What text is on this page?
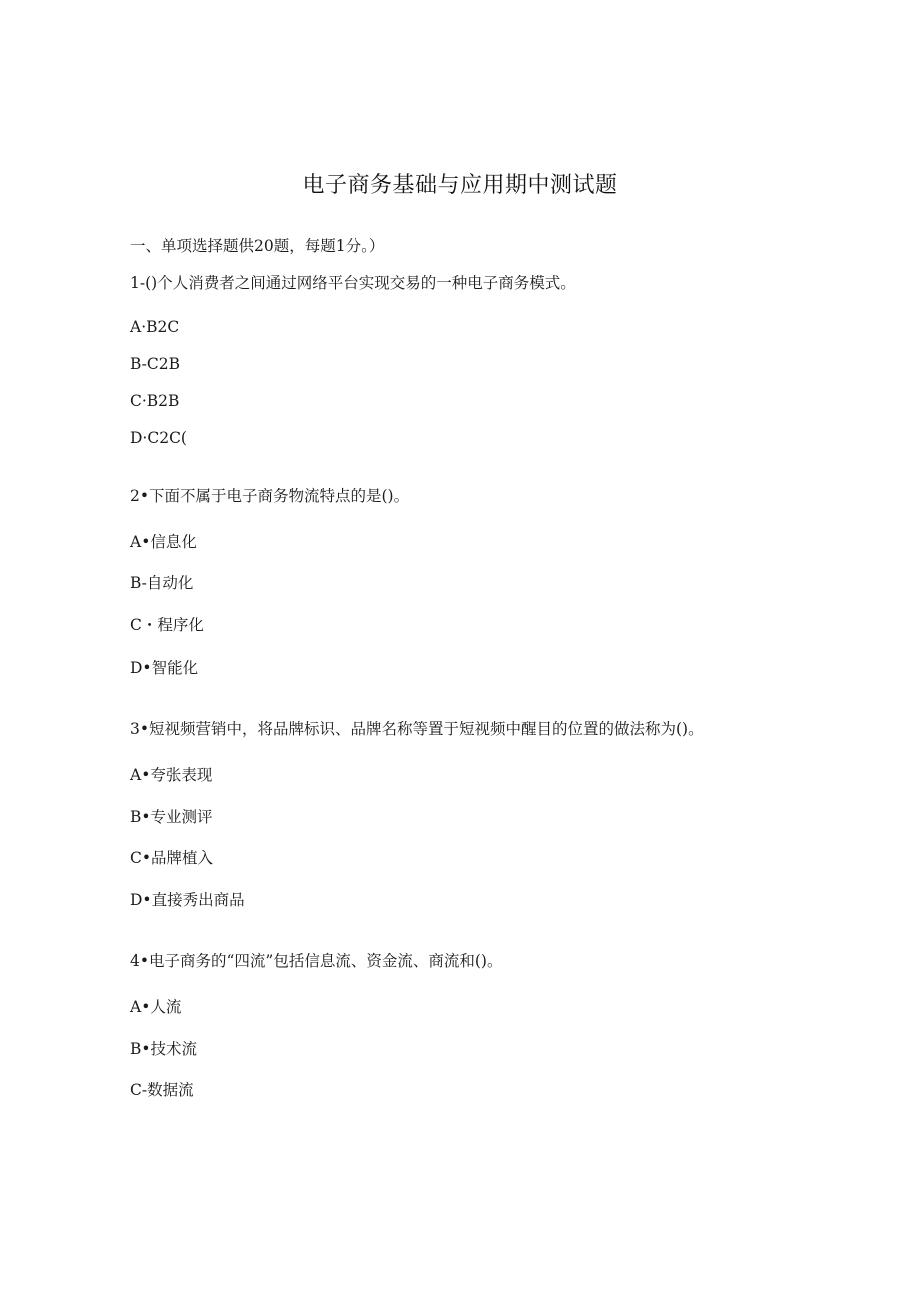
电子商务基础与应用期中测试题
一、单项选择题供20题，每题1分。）
1-()个人消费者之间通过网络平台实现交易的一种电子商务模式。
A·B2C
B-C2B
C·B2B
D·C2C(
2•下面不属于电子商务物流特点的是()。
A•信息化
B-自动化
C・程序化
D•智能化
3•短视频营销中，将品牌标识、品牌名称等置于短视频中醒目的位置的做法称为()。
A•夸张表现
B•专业测评
C•品牌植入
D•直接秀出商品
4•电子商务的“四流”包括信息流、资金流、商流和()。
A•人流
B•技术流
C-数据流
